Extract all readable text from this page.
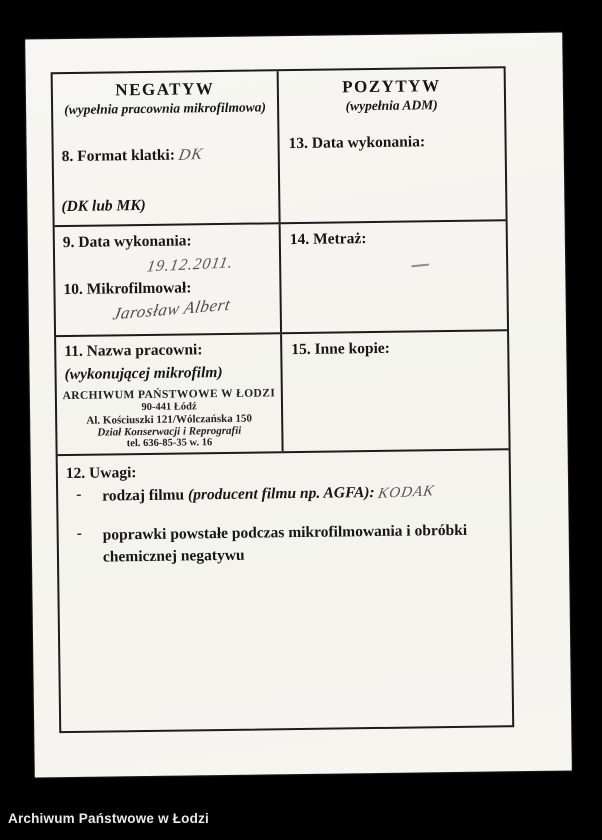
NEGATYW
(wypełnia pracownia mikrofilmowa)
8. Format klatki: DK
(DK lub MK)
POZYTYW
(wypełnia ADM)
13. Data wykonania:
9. Data wykonania:
19.12.2011.
10. Mikrofilmował:
Jarosław Albert
14. Metraż:
11. Nazwa pracowni:
(wykonującej mikrofilm)
ARCHIWUM PAŃSTWOWE W ŁODZI
90-441 Łódź
Al. Kościuszki 121/Wólczańska 150
Dział Konserwacji i Reprografii
tel. 636-85-35 w. 16
15. Inne kopie:
12. Uwagi:
-	rodzaj filmu (producent filmu np. AGFA): KODAK
-	poprawki powstałe podczas mikrofilmowania i obróbki chemicznej negatywu
Archiwum Państwowe w Łodzi
